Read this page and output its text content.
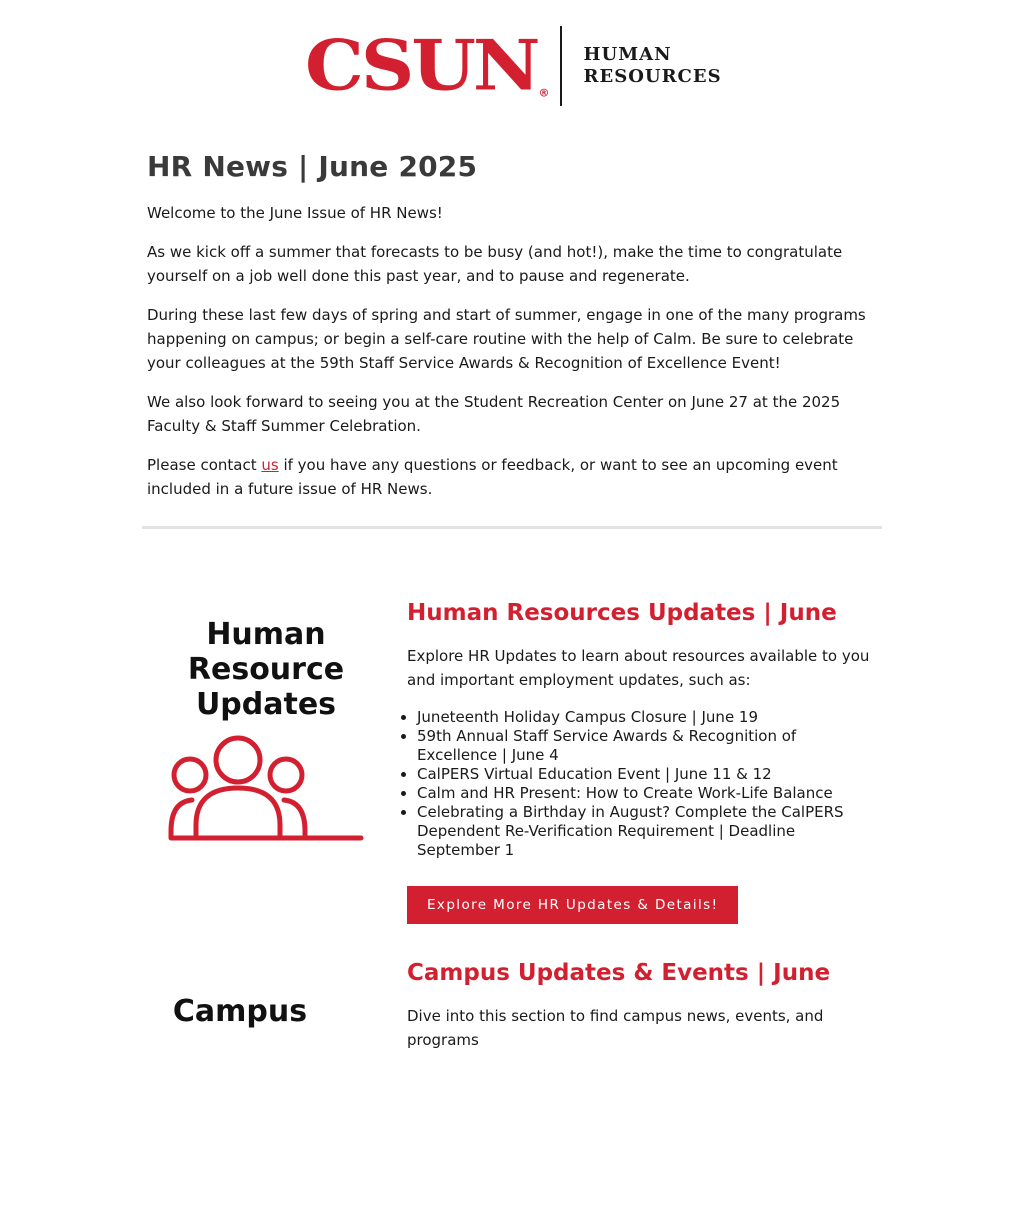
CSUN ®
HUMAN
RESOURCES
HR News | June 2025

Welcome to the June Issue of HR News!

As we kick off a summer that forecasts to be busy (and hot!), make the time to congratulate yourself on a job well done this past year, and to pause and regenerate.

During these last few days of spring and start of summer, engage in one of the many programs happening on campus; or begin a self-care routine with the help of Calm. Be sure to celebrate your colleagues at the 59th Staff Service Awards & Recognition of Excellence Event!

We also look forward to seeing you at the Student Recreation Center on June 27 at the 2025 Faculty & Staff Summer Celebration.

Please contact us if you have any questions or feedback, or want to see an upcoming event included in a future issue of HR News.

Human
Resource
Updates
Human Resources Updates | June

Explore HR Updates to learn about resources available to you and important employment updates, such as:

• Juneteenth Holiday Campus Closure | June 19
• 59th Annual Staff Service Awards & Recognition of Excellence | June 4
• CalPERS Virtual Education Event | June 11 & 12
• Calm and HR Present: How to Create Work-Life Balance
• Celebrating a Birthday in August? Complete the CalPERS Dependent Re-Verification Requirement | Deadline September 1
Explore More HR Updates & Details!
Campus
Campus Updates & Events | June

Dive into this section to find campus news, events, and programs
